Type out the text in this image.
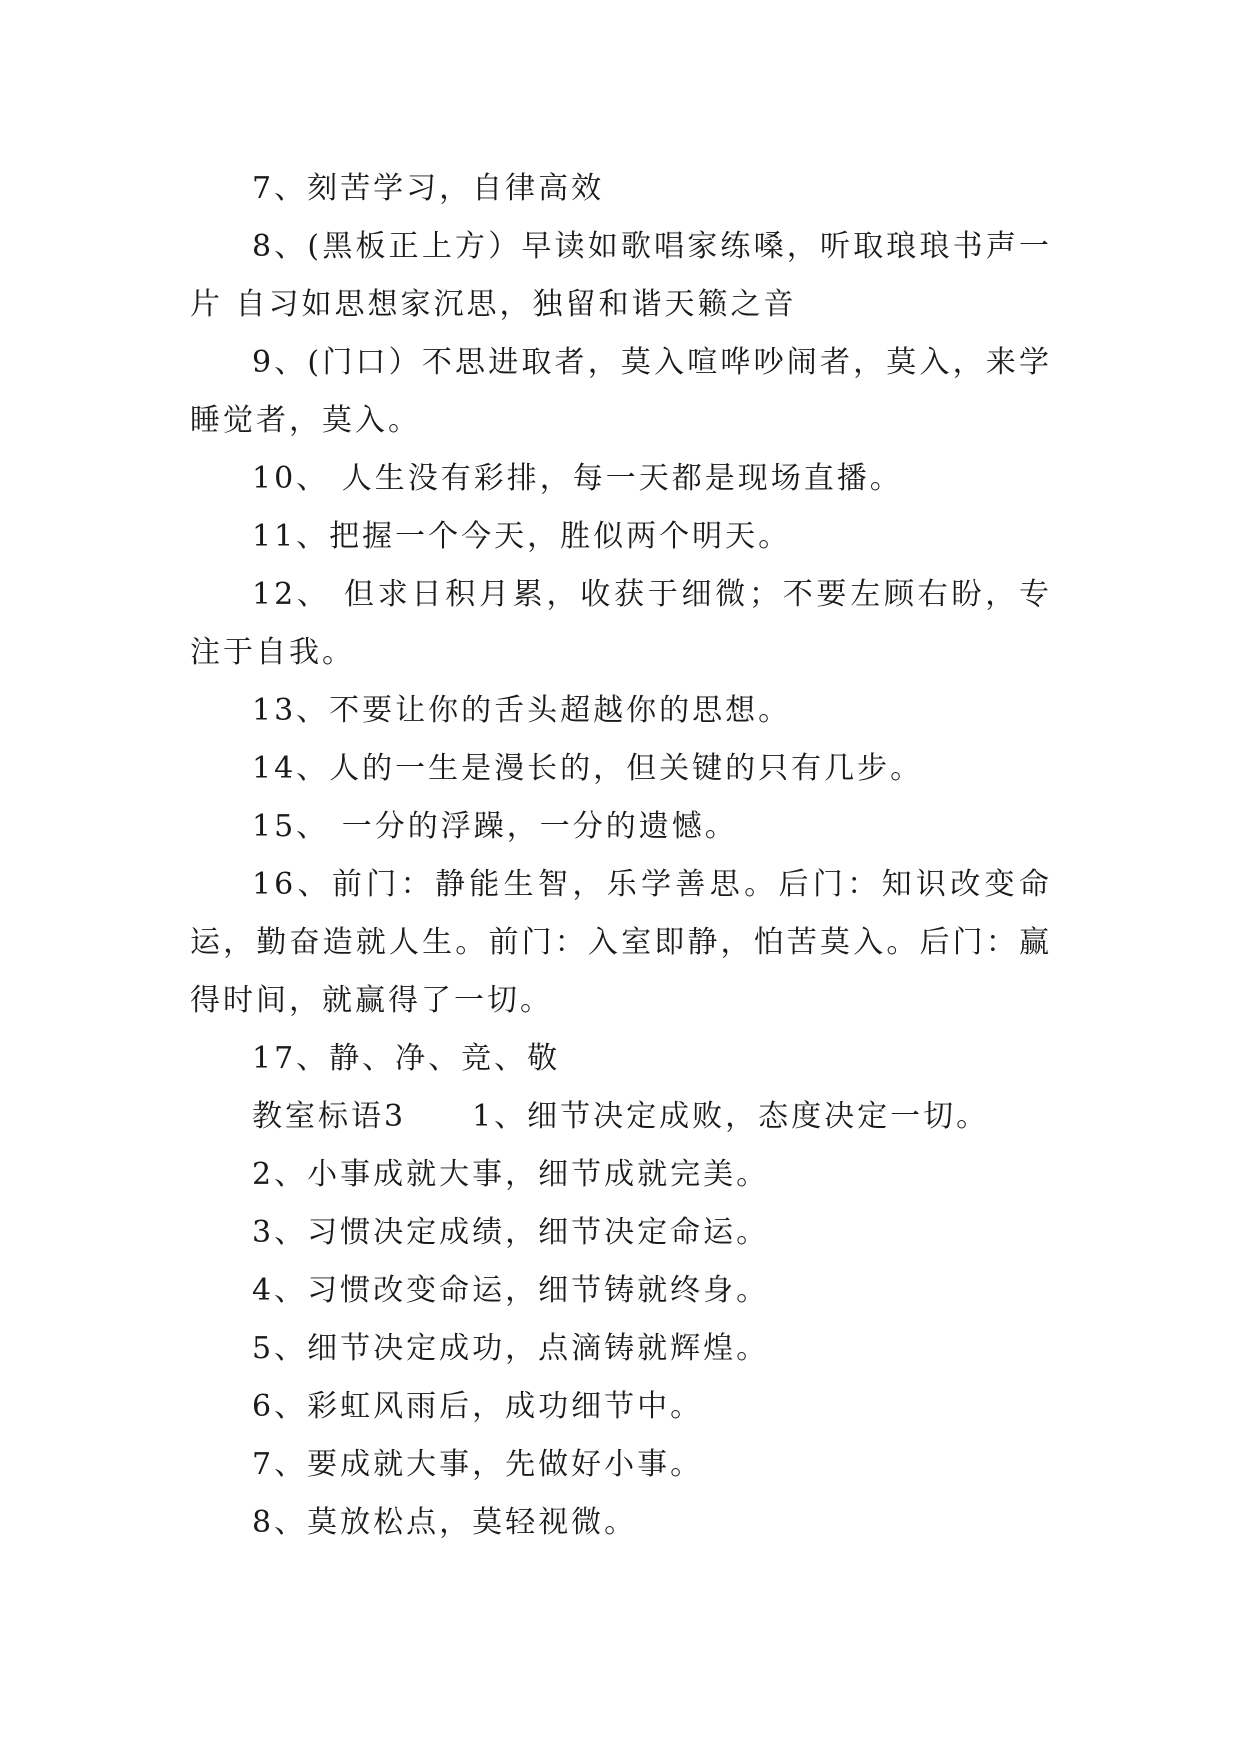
7、刻苦学习，自律高效

8、(黑板正上方）早读如歌唱家练嗓，听取琅琅书声一片 自习如思想家沉思，独留和谐天籁之音

9、(门口）不思进取者，莫入喧哗吵闹者，莫入，来学睡觉者，莫入。

10、 人生没有彩排，每一天都是现场直播。

11、把握一个今天，胜似两个明天。

12、 但求日积月累，收获于细微；不要左顾右盼，专注于自我。

13、不要让你的舌头超越你的思想。

14、人的一生是漫长的，但关键的只有几步。

15、 一分的浮躁，一分的遗憾。

16、前门：静能生智，乐学善思。后门：知识改变命运，勤奋造就人生。前门：入室即静，怕苦莫入。后门：赢得时间，就赢得了一切。

17、静、净、竞、敬

教室标语3　　1、细节决定成败，态度决定一切。

2、小事成就大事，细节成就完美。

3、习惯决定成绩，细节决定命运。

4、习惯改变命运，细节铸就终身。

5、细节决定成功，点滴铸就辉煌。

6、彩虹风雨后，成功细节中。

7、要成就大事，先做好小事。

8、莫放松点，莫轻视微。
